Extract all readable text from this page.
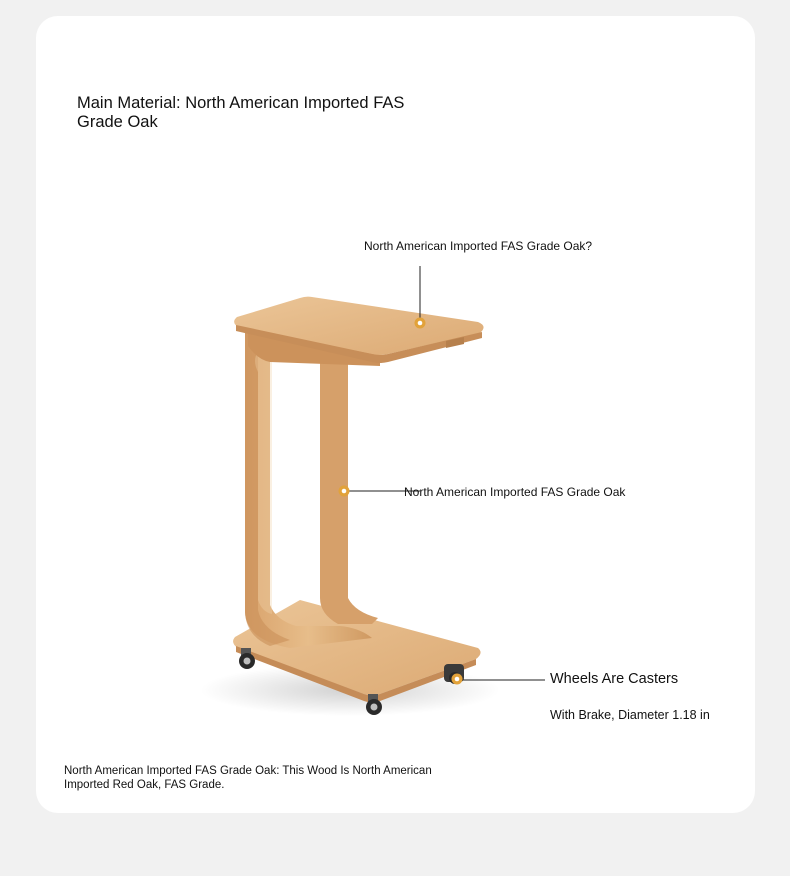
Main Material: North American Imported FAS Grade Oak
North American Imported FAS Grade Oak?
North American Imported FAS Grade Oak
Wheels Are Casters
With Brake, Diameter 1.18 in
North American Imported FAS Grade Oak: This Wood Is North American Imported Red Oak, FAS Grade.
